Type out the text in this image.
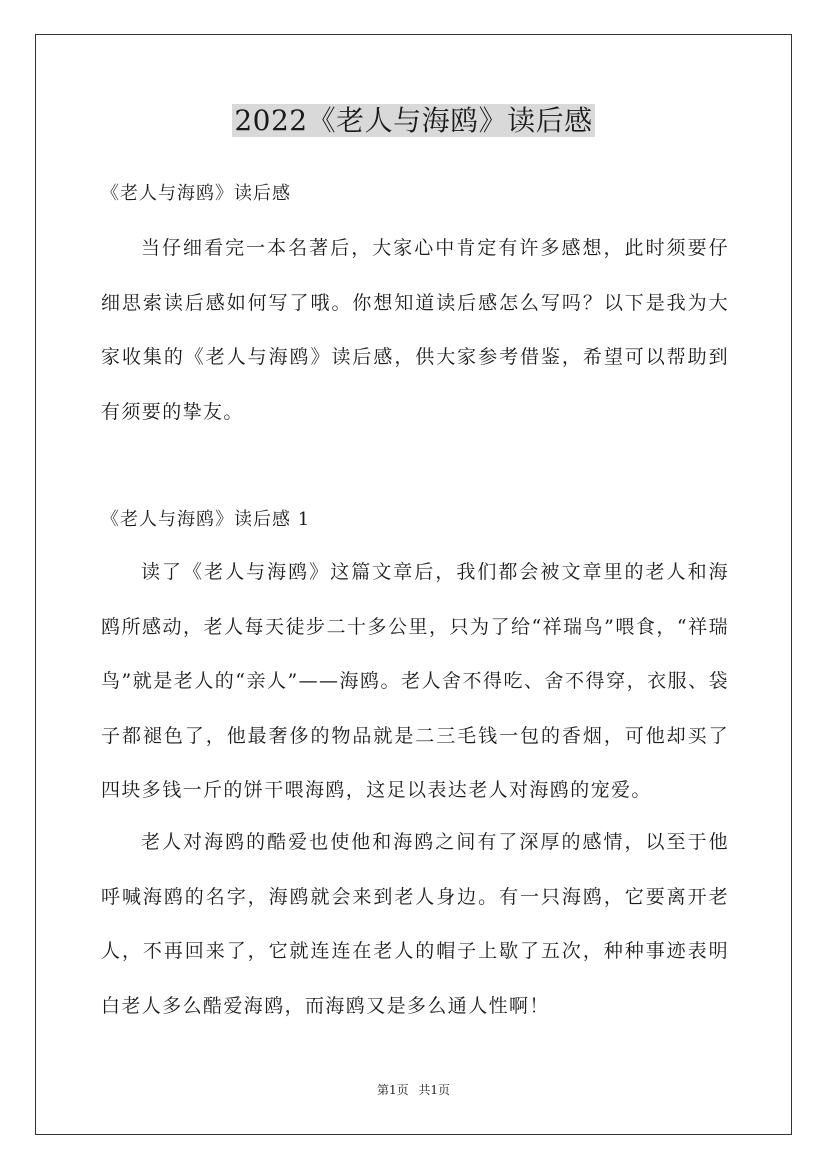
2022《老人与海鸥》读后感

《老人与海鸥》读后感

当仔细看完一本名著后，大家心中肯定有许多感想，此时须要仔细思索读后感如何写了哦。你想知道读后感怎么写吗？以下是我为大家收集的《老人与海鸥》读后感，供大家参考借鉴，希望可以帮助到有须要的挚友。

《老人与海鸥》读后感 1

读了《老人与海鸥》这篇文章后，我们都会被文章里的老人和海鸥所感动，老人每天徒步二十多公里，只为了给“祥瑞鸟”喂食，“祥瑞鸟”就是老人的“亲人”——海鸥。老人舍不得吃、舍不得穿，衣服、袋子都褪色了，他最奢侈的物品就是二三毛钱一包的香烟，可他却买了四块多钱一斤的饼干喂海鸥，这足以表达老人对海鸥的宠爱。

老人对海鸥的酷爱也使他和海鸥之间有了深厚的感情，以至于他呼喊海鸥的名字，海鸥就会来到老人身边。有一只海鸥，它要离开老人，不再回来了，它就连连在老人的帽子上歇了五次，种种事迹表明白老人多么酷爱海鸥，而海鸥又是多么通人性啊！

第1页 共1页
